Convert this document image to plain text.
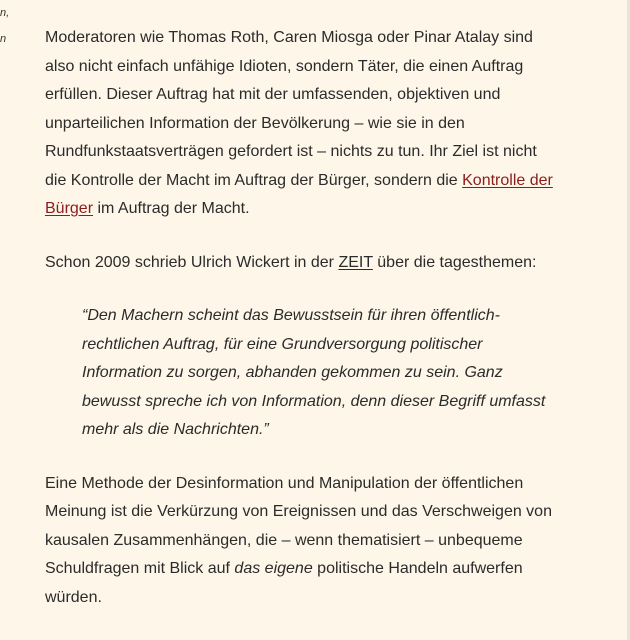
n,
n Moderatoren wie Thomas Roth, Caren Miosga oder Pinar Atalay sind
also nicht einfach unfähige Idioten, sondern Täter, die einen Auftrag
erfüllen. Dieser Auftrag hat mit der umfassenden, objektiven und
unparteilichen Information der Bevölkerung – wie sie in den
Rundfunkstaatsverträgen gefordert ist – nichts zu tun. Ihr Ziel ist nicht
die Kontrolle der Macht im Auftrag der Bürger, sondern die Kontrolle der
Bürger im Auftrag der Macht.

Schon 2009 schrieb Ulrich Wickert in der ZEIT über die tagesthemen:

“Den Machern scheint das Bewusstsein für ihren öffentlich-
rechtlichen Auftrag, für eine Grundversorgung politischer
Information zu sorgen, abhanden gekommen zu sein. Ganz
bewusst spreche ich von Information, denn dieser Begriff umfasst
mehr als die Nachrichten.”

Eine Methode der Desinformation und Manipulation der öffentlichen
Meinung ist die Verkürzung von Ereignissen und das Verschweigen von
kausalen Zusammenhängen, die – wenn thematisiert – unbequeme
Schuldfragen mit Blick auf das eigene politische Handeln aufwerfen
würden.
